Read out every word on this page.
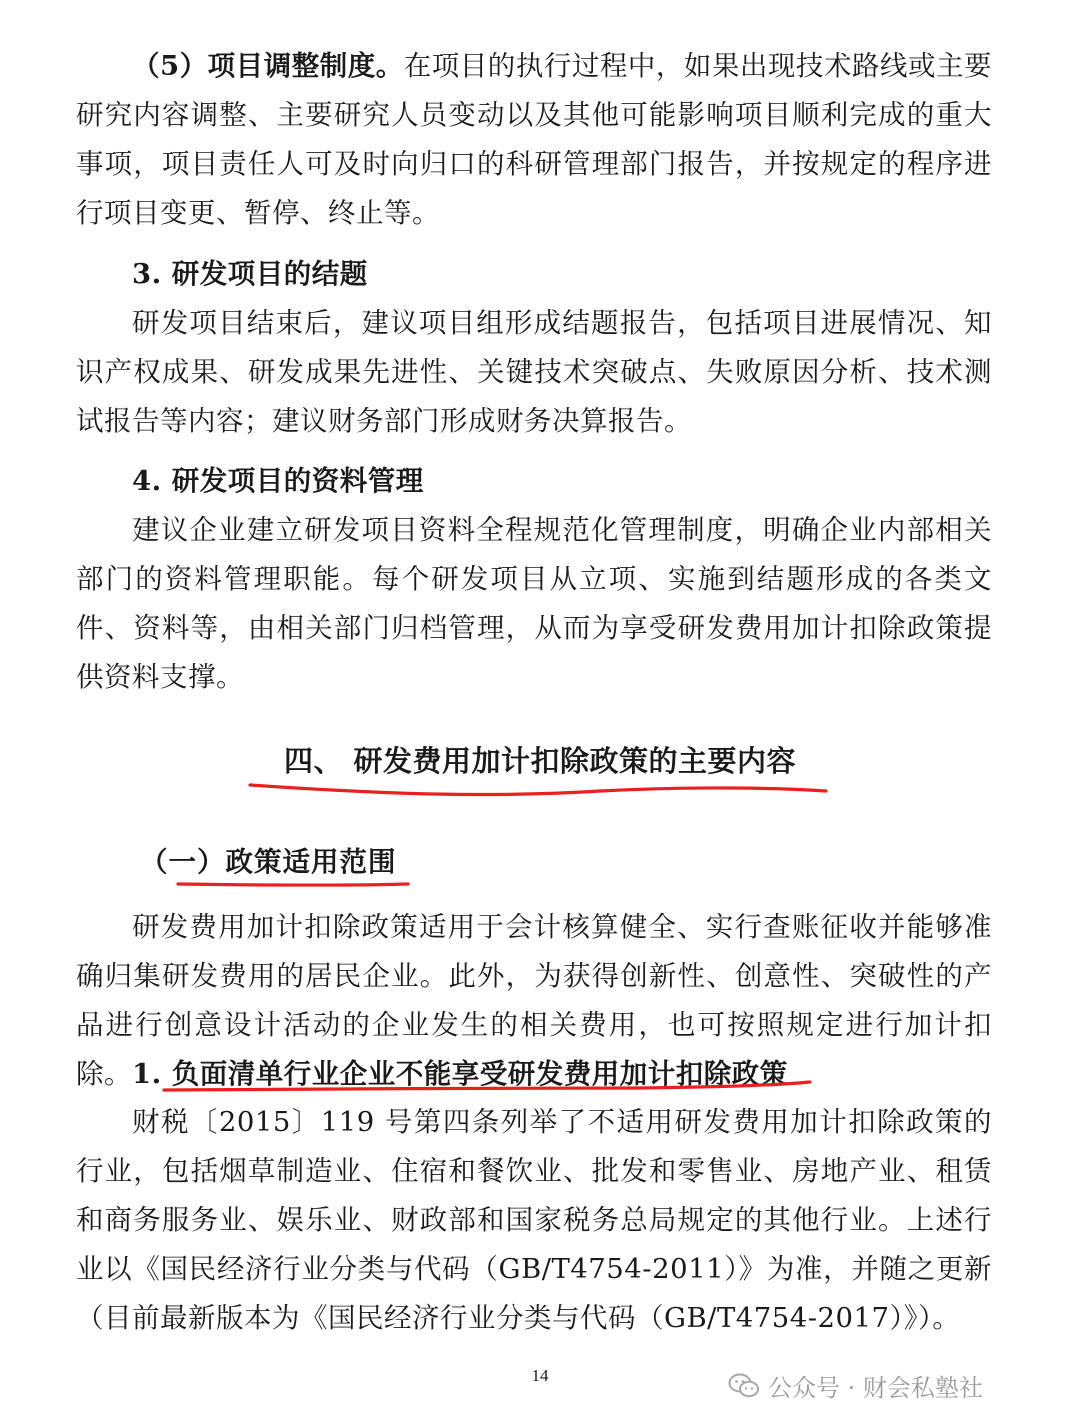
（5）项目调整制度。在项目的执行过程中，如果出现技术路线或主要研究内容调整、主要研究人员变动以及其他可能影响项目顺利完成的重大事项，项目责任人可及时向归口的科研管理部门报告，并按规定的程序进行项目变更、暂停、终止等。

3. 研发项目的结题

研发项目结束后，建议项目组形成结题报告，包括项目进展情况、知识产权成果、研发成果先进性、关键技术突破点、失败原因分析、技术测试报告等内容；建议财务部门形成财务决算报告。

4. 研发项目的资料管理

建议企业建立研发项目资料全程规范化管理制度，明确企业内部相关部门的资料管理职能。每个研发项目从立项、实施到结题形成的各类文件、资料等，由相关部门归档管理，从而为享受研发费用加计扣除政策提供资料支撑。

四、 研发费用加计扣除政策的主要内容

（一）政策适用范围

研发费用加计扣除政策适用于会计核算健全、实行查账征收并能够准确归集研发费用的居民企业。此外，为获得创新性、创意性、突破性的产品进行创意设计活动的企业发生的相关费用，也可按照规定进行加计扣除。 1. 负面清单行业企业不能享受研发费用加计扣除政策

财税〔2015〕119 号第四条列举了不适用研发费用加计扣除政策的行业，包括烟草制造业、住宿和餐饮业、批发和零售业、房地产业、租赁和商务服务业、娱乐业、财政部和国家税务总局规定的其他行业。上述行业以《国民经济行业分类与代码（GB/T4754-2011）》为准，并随之更新（目前最新版本为《国民经济行业分类与代码（GB/T4754-2017）》）。

14	公众号 · 财会私塾社
